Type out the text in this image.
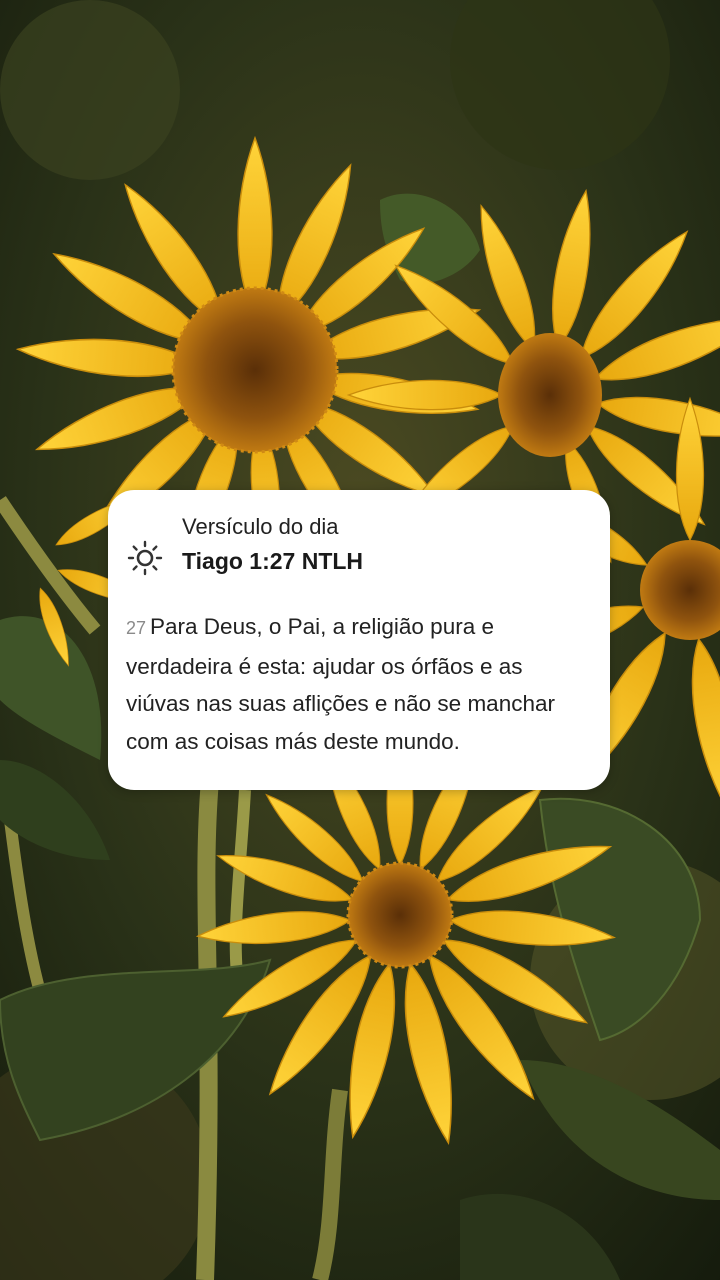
Versículo do dia
Tiago 1:27 NTLH
27 Para Deus, o Pai, a religião pura e verdadeira é esta: ajudar os órfãos e as viúvas nas suas aflições e não se manchar com as coisas más deste mundo.
